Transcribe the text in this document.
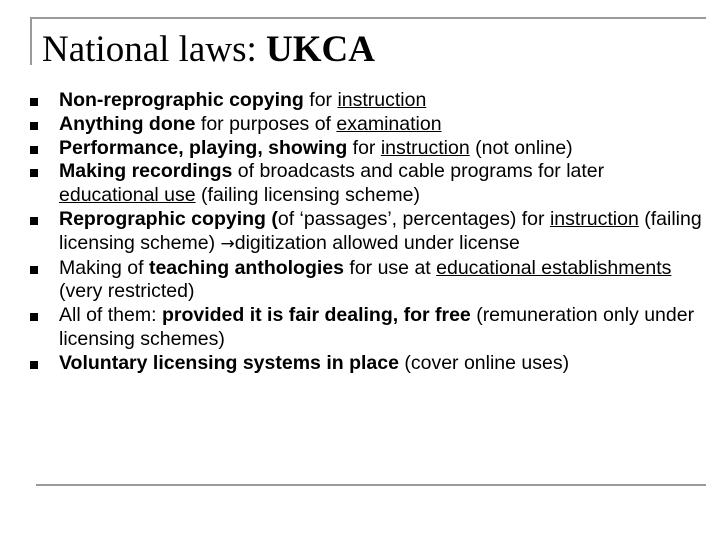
National laws: UKCA
Non-reprographic copying for instruction
Anything done for purposes of examination
Performance, playing, showing for instruction (not online)
Making recordings of broadcasts and cable programs for later educational use (failing licensing scheme)
Reprographic copying (of ‘passages’, percentages) for instruction (failing licensing scheme) →digitization allowed under license
Making of teaching anthologies for use at educational establishments (very restricted)
All of them: provided it is fair dealing, for free (remuneration only under licensing schemes)
Voluntary licensing systems in place (cover online uses)
